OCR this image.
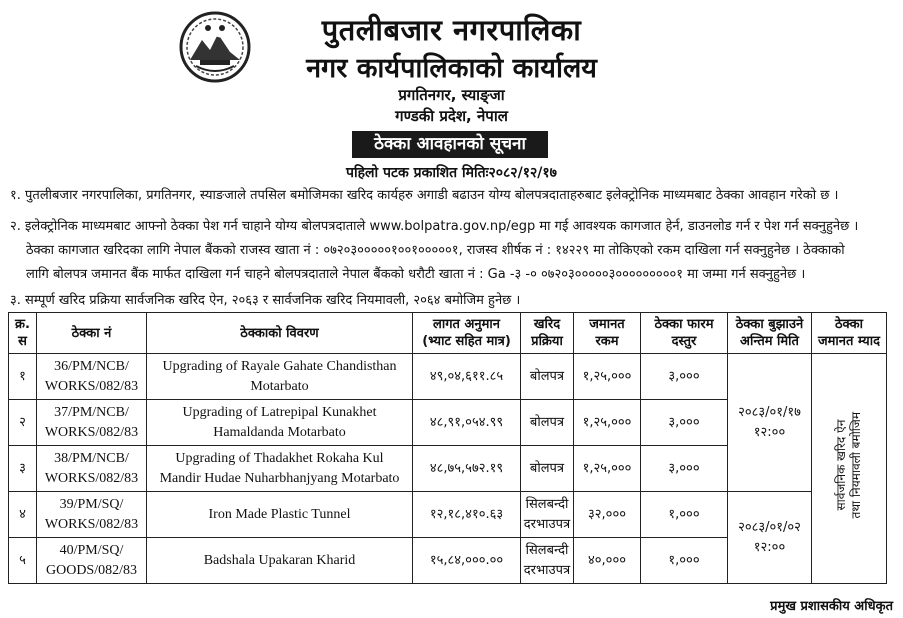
पुतलीबजार नगरपालिका
नगर कार्यपालिकाको कार्यालय
प्रगतिनगर, स्याङ्जा
गण्डकी प्रदेश, नेपाल
ठेक्का आवहानको सूचना
पहिलो पटक प्रकाशित मितिः२०८२/१२/१७
१. पुतलीबजार नगरपालिका, प्रगतिनगर, स्याङजाले तपसिल बमोजिमका खरिद कार्यहरु अगाडी बढाउन योग्य बोलपत्रदाताहरुबाट इलेक्ट्रोनिक माध्यमबाट ठेक्का आवहान गरेको छ ।
२. इलेक्ट्रोनिक माध्यमबाट आफ्नो ठेक्का पेश गर्न चाहाने योग्य बोलपत्रदाताले www.bolpatra.gov.np/egp मा गई आवश्यक कागजात हेर्न, डाउनलोड गर्न र पेश गर्न सक्नुहुनेछ ।
ठेक्का कागजात खरिदका लागि नेपाल बैंकको राजस्व खाता नं : ०७२०३०००००१००१०००००१, राजस्व शीर्षक नं : १४२२९ मा तोकिएको रकम दाखिला गर्न सक्नुहुनेछ । ठेक्काको
लागि बोलपत्र जमानत बैंक मार्फत दाखिला गर्न चाहने बोलपत्रदाताले नेपाल बैंकको धरौटी खाता नं : Ga -३ -० ०७२०३०००००३०००००००००१ मा जम्मा गर्न सक्नुहुनेछ ।
३. सम्पूर्ण खरिद प्रक्रिया सार्वजनिक खरिद ऐन, २०६३ र सार्वजनिक खरिद नियमावली, २०६४ बमोजिम हुनेछ ।
क्र.
स	ठेक्का नं	ठेक्काको विवरण	लागत अनुमान
(भ्याट सहित मात्र)	खरिद
प्रक्रिया	जमानत
रकम	ठेक्का फारम
दस्तुर	ठेक्का बुझाउने
अन्तिम मिति	ठेक्का
जमानत म्याद
१	36/PM/NCB/
WORKS/082/83	Upgrading of Rayale Gahate Chandisthan
Motarbato	४९,०४,६११.८५	बोलपत्र	१,२५,०००	३,०००	२०८३/०१/१७
१२:००	सार्वजनिक खरिद ऐन
तथा नियमावली बमोजिम
२	37/PM/NCB/
WORKS/082/83	Upgrading of Latrepipal Kunakhet
Hamaldanda Motarbato	४८,९१,०५४.९९	बोलपत्र	१,२५,०००	३,०००		
३	38/PM/NCB/
WORKS/082/83	Upgrading of Thadakhet Rokaha Kul
Mandir Hudae Nuharbhanjyang Motarbato	४८,७५,५७२.१९	बोलपत्र	१,२५,०००	३,०००		
४	39/PM/SQ/
WORKS/082/83	Iron Made Plastic Tunnel	१२,१८,४१०.६३	सिलबन्दी
दरभाउपत्र	३२,०००	१,०००	२०८३/०१/०२
१२:००	
५	40/PM/SQ/
GOODS/082/83	Badshala Upakaran Kharid	१५,८४,०००.००	सिलबन्दी
दरभाउपत्र	४०,०००	१,०००		
प्रमुख प्रशासकीय अधिकृत
